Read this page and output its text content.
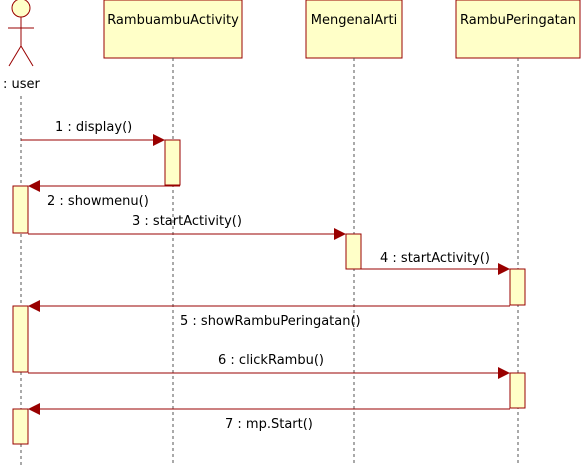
: user
RambuambuActivity	MengenalArti	RambuPeringatan
1 : display()
2 : showmenu()
3 : startActivity()
4 : startActivity()
5 : showRambuPeringatan()
6 : clickRambu()
7 : mp.Start()
